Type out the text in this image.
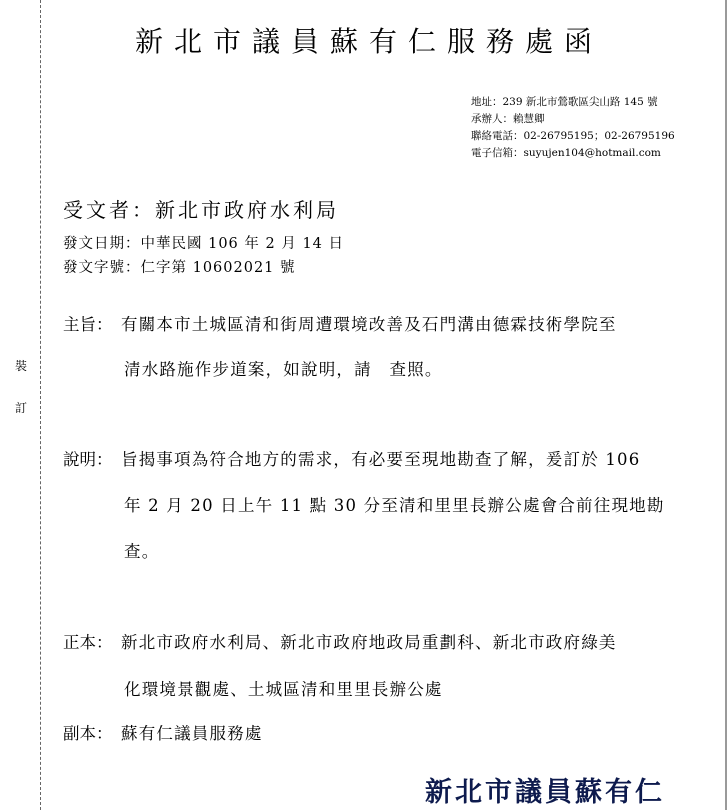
裝
訂
新北市議員蘇有仁服務處函
地址：239 新北市鶯歌區尖山路 145 號
承辦人：賴慧卿
聯絡電話：02-26795195；02-26795196
電子信箱：suyujen104@hotmail.com
受文者：新北市政府水利局
發文日期：中華民國 106 年 2 月 14 日
發文字號：仁字第 10602021 號
主旨： 有關本市土城區清和街周遭環境改善及石門溝由德霖技術學院至
清水路施作步道案，如說明，請　查照。
說明： 旨揭事項為符合地方的需求，有必要至現地勘查了解，爰訂於 106
年 2 月 20 日上午 11 點 30 分至清和里里長辦公處會合前往現地勘
查。
正本： 新北市政府水利局、新北市政府地政局重劃科、新北市政府綠美
化環境景觀處、土城區清和里里長辦公處
副本： 蘇有仁議員服務處
新北市議員蘇有仁
